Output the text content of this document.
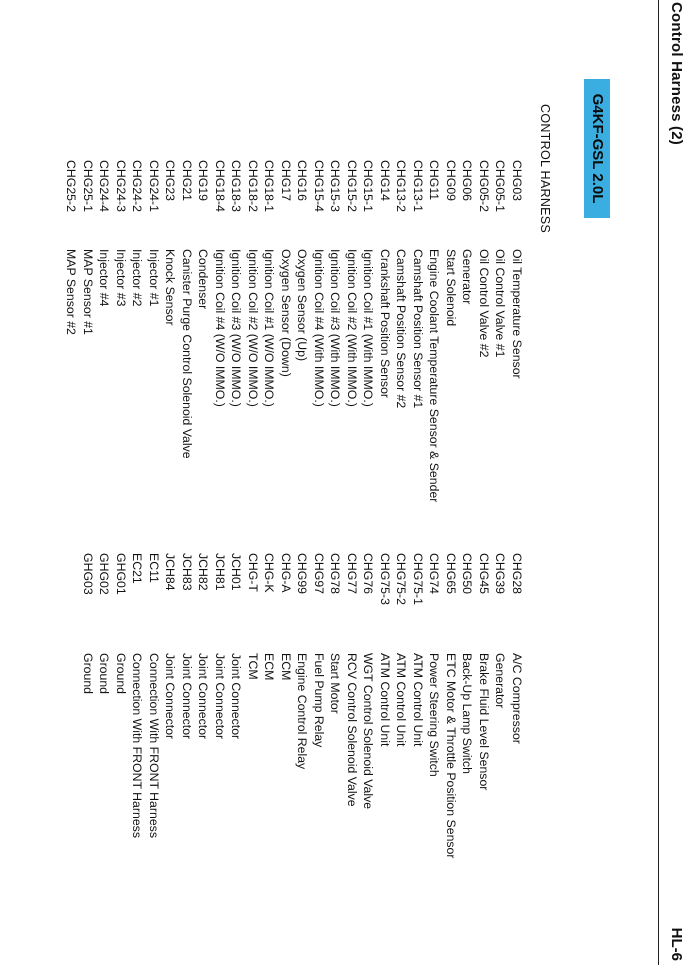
Control Harness (2)
HL-6
G4KF-GSL 2.0L
CONTROL HARNESS
CHG03
CHG05-1
CHG05-2
CHG06
CHG09
CHG11
CHG13-1
CHG13-2
CHG14
CHG15-1
CHG15-2
CHG15-3
CHG15-4
CHG16
CHG17
CHG18-1
CHG18-2
CHG18-3
CHG18-4
CHG19
CHG21
CHG23
CHG24-1
CHG24-2
CHG24-3
CHG24-4
CHG25-1
CHG25-2
Oil Temperature Sensor
Oil Control Valve #1
Oil Control Valve #2
Generator
Start Solenoid
Engine Coolant Temperature Sensor & Sender
Camshaft Position Sensor #1
Camshaft Position Sensor #2
Crankshaft Position Sensor
Ignition Coil #1 (With IMMO.)
Ignition Coil #2 (With IMMO.)
Ignition Coil #3 (With IMMO.)
Ignition Coil #4 (With IMMO.)
Oxygen Sensor (Up)
Oxygen Sensor (Down)
Ignition Coil #1 (W/O IMMO.)
Ignition Coil #2 (W/O IMMO.)
Ignition Coil #3 (W/O IMMO.)
Ignition Coil #4 (W/O IMMO.)
Condenser
Canister Purge Control Solenoid Valve
Knock Sensor
Injector #1
Injector #2
Injector #3
Injector #4
MAP Sensor #1
MAP Sensor #2
CHG28
CHG39
CHG45
CHG50
CHG65
CHG74
CHG75-1
CHG75-2
CHG75-3
CHG76
CHG77
CHG78
CHG97
CHG99
CHG-A
CHG-K
CHG-T
JCH01
JCH81
JCH82
JCH83
JCH84
EC11
EC21
GHG01
GHG02
GHG03
A/C Compressor
Generator
Brake Fluid Level Sensor
Back-Up Lamp Switch
ETC Motor & Throttle Position Sensor
Power Steering Switch
ATM Control Unit
ATM Control Unit
ATM Control Unit
WGT Control Solenoid Valve
RCV Control Solenoid Valve
Start Motor
Fuel Pump Relay
Engine Control Relay
ECM
ECM
TCM
Joint Connector
Joint Connector
Joint Connector
Joint Connector
Joint Connector
Connection With FRONT Harness
Connection With FRONT Harness
Ground
Ground
Ground
